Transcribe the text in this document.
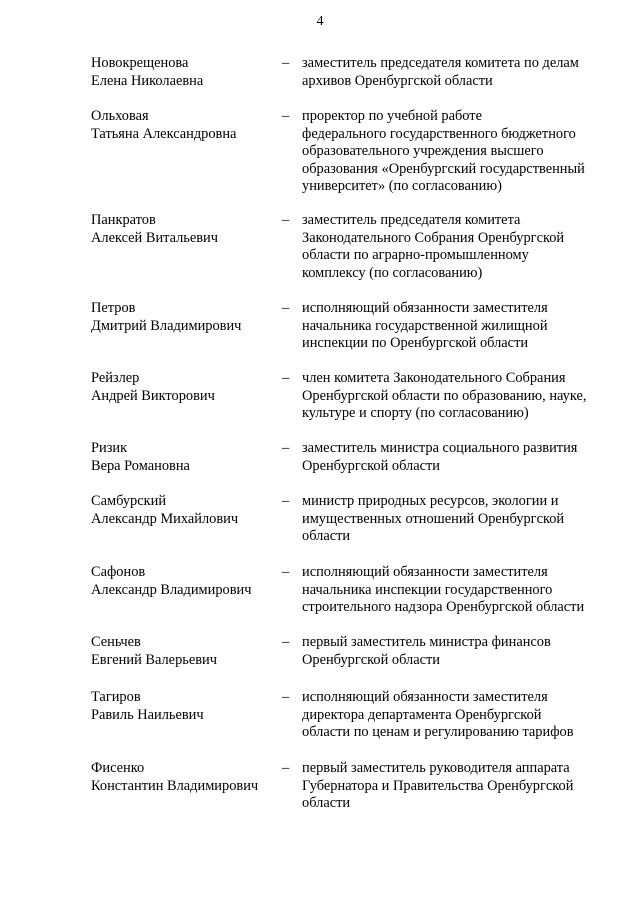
4
Новокрещенова
Елена Николаевна
– заместитель председателя комитета по делам
архивов Оренбургской области
Ольховая
Татьяна Александровна
– проректор по учебной работе
федерального государственного бюджетного
образовательного учреждения высшего
образования «Оренбургский государственный
университет» (по согласованию)
Панкратов
Алексей Витальевич
– заместитель председателя комитета
Законодательного Собрания Оренбургской
области по аграрно-промышленному
комплексу (по согласованию)
Петров
Дмитрий Владимирович
– исполняющий обязанности заместителя
начальника государственной жилищной
инспекции по Оренбургской области
Рейзлер
Андрей Викторович
– член комитета Законодательного Собрания
Оренбургской области по образованию, науке,
культуре и спорту (по согласованию)
Ризик
Вера Романовна
– заместитель министра социального развития
Оренбургской области
Самбурский
Александр Михайлович
– министр природных ресурсов, экологии и
имущественных отношений Оренбургской
области
Сафонов
Александр Владимирович
– исполняющий обязанности заместителя
начальника инспекции государственного
строительного надзора Оренбургской области
Сеньчев
Евгений Валерьевич
– первый заместитель министра финансов
Оренбургской области
Тагиров
Равиль Наильевич
– исполняющий обязанности заместителя
директора департамента Оренбургской
области по ценам и регулированию тарифов
Фисенко
Константин Владимирович
– первый заместитель руководителя аппарата
Губернатора и Правительства Оренбургской
области
